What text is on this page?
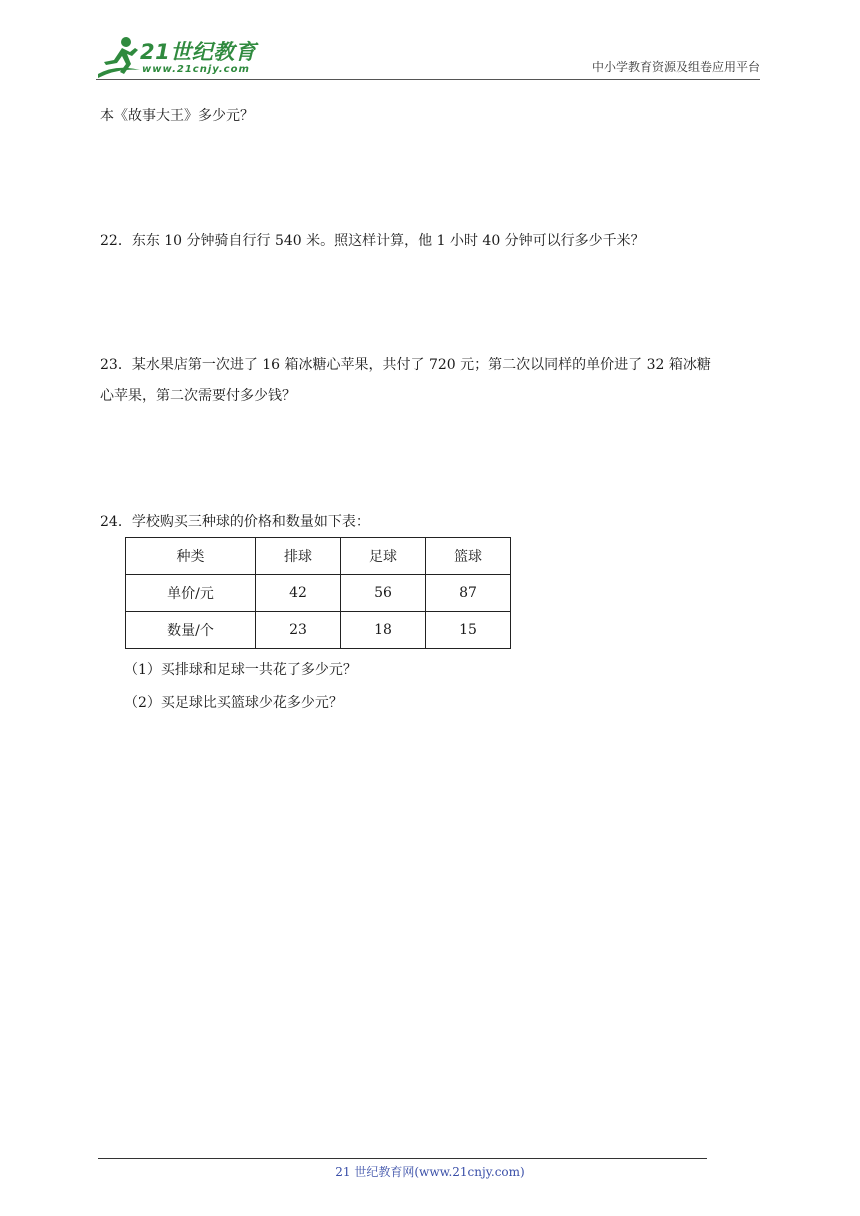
21世纪教育
www.21cnjy.com	中小学教育资源及组卷应用平台
本《故事大王》多少元？
22．东东 10 分钟骑自行行 540 米。照这样计算，他 1 小时 40 分钟可以行多少千米？
23．某水果店第一次进了 16 箱冰糖心苹果，共付了 720 元；第二次以同样的单价进了 32 箱冰糖
心苹果，第二次需要付多少钱？
24．学校购买三种球的价格和数量如下表：
种类	排球	足球	篮球
单价/元	42	56	87
数量/个	23	18	15
（1）买排球和足球一共花了多少元？
（2）买足球比买篮球少花多少元？
21 世纪教育网(www.21cnjy.com)
